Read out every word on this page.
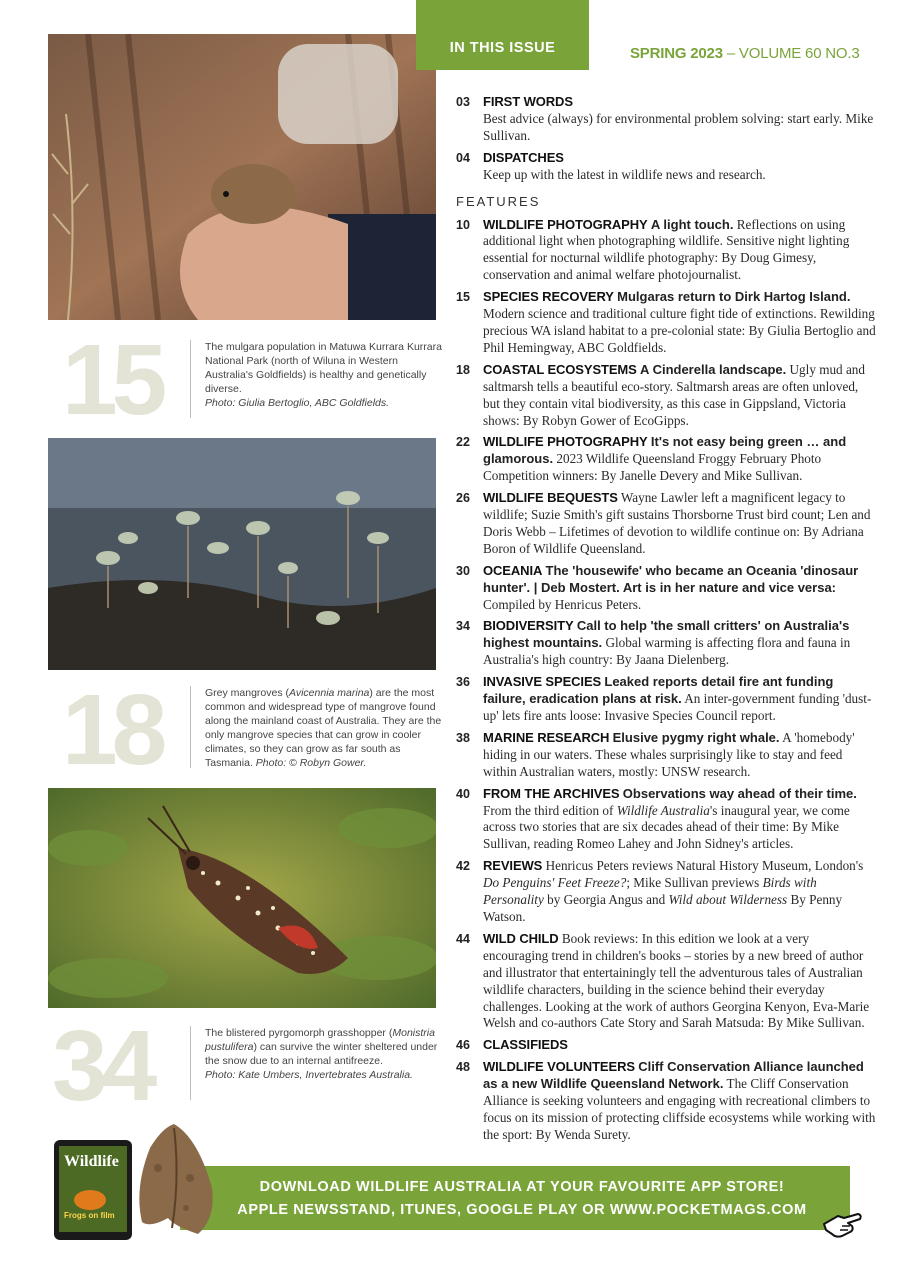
15	The mulgara population in Matuwa Kurrara Kurrara National Park (north of Wiluna in Western Australia's Goldfields) is healthy and genetically diverse.
Photo: Giulia Bertoglio, ABC Goldfields.
18	Grey mangroves (Avicennia marina) are the most common and widespread type of mangrove found along the mainland coast of Australia. They are the only mangrove species that can grow in cooler climates, so they can grow as far south as Tasmania. Photo: © Robyn Gower.
34	The blistered pyrgomorph grasshopper (Monistria pustulifera) can survive the winter sheltered under the snow due to an internal antifreeze.
Photo: Kate Umbers, Invertebrates Australia.
IN THIS ISSUE	SPRING 2023 – VOLUME 60 NO.3
03 FIRST WORDS
Best advice (always) for environmental problem solving: start early. Mike Sullivan.
04 DISPATCHES
Keep up with the latest in wildlife news and research.
FEATURES
10 WILDLIFE PHOTOGRAPHY A light touch. Reflections on using additional light when photographing wildlife. Sensitive night lighting essential for nocturnal wildlife photography: By Doug Gimesy, conservation and animal welfare photojournalist.
15 SPECIES RECOVERY Mulgaras return to Dirk Hartog Island. Modern science and traditional culture fight tide of extinctions. Rewilding precious WA island habitat to a pre-colonial state: By Giulia Bertoglio and Phil Hemingway, ABC Goldfields.
18 COASTAL ECOSYSTEMS A Cinderella landscape. Ugly mud and saltmarsh tells a beautiful eco-story. Saltmarsh areas are often unloved, but they contain vital biodiversity, as this case in Gippsland, Victoria shows: By Robyn Gower of EcoGipps.
22 WILDLIFE PHOTOGRAPHY It's not easy being green … and glamorous. 2023 Wildlife Queensland Froggy February Photo Competition winners: By Janelle Devery and Mike Sullivan.
26 WILDLIFE BEQUESTS Wayne Lawler left a magnificent legacy to wildlife; Suzie Smith's gift sustains Thorsborne Trust bird count; Len and Doris Webb – Lifetimes of devotion to wildlife continue on: By Adriana Boron of Wildlife Queensland.
30 OCEANIA The 'housewife' who became an Oceania 'dinosaur hunter'. | Deb Mostert. Art is in her nature and vice versa: Compiled by Henricus Peters.
34 BIODIVERSITY Call to help 'the small critters' on Australia's highest mountains. Global warming is affecting flora and fauna in Australia's high country: By Jaana Dielenberg.
36 INVASIVE SPECIES Leaked reports detail fire ant funding failure, eradication plans at risk. An inter-government funding 'dust-up' lets fire ants loose: Invasive Species Council report.
38 MARINE RESEARCH Elusive pygmy right whale. A 'homebody' hiding in our waters. These whales surprisingly like to stay and feed within Australian waters, mostly: UNSW research.
40 FROM THE ARCHIVES Observations way ahead of their time. From the third edition of Wildlife Australia's inaugural year, we come across two stories that are six decades ahead of their time: By Mike Sullivan, reading Romeo Lahey and John Sidney's articles.
42 REVIEWS Henricus Peters reviews Natural History Museum, London's Do Penguins' Feet Freeze?; Mike Sullivan previews Birds with Personality by Georgia Angus and Wild about Wilderness By Penny Watson.
44 WILD CHILD Book reviews: In this edition we look at a very encouraging trend in children's books – stories by a new breed of author and illustrator that entertainingly tell the adventurous tales of Australian wildlife characters, building in the science behind their everyday challenges. Looking at the work of authors Georgina Kenyon, Eva-Marie Welsh and co-authors Cate Story and Sarah Matsuda: By Mike Sullivan.
46 CLASSIFIEDS
48 WILDLIFE VOLUNTEERS Cliff Conservation Alliance launched as a new Wildlife Queensland Network. The Cliff Conservation Alliance is seeking volunteers and engaging with recreational climbers to focus on its mission of protecting cliffside ecosystems while working with the sport: By Wenda Surety.
DOWNLOAD WILDLIFE AUSTRALIA AT YOUR FAVOURITE APP STORE!
APPLE NEWSSTAND, ITUNES, GOOGLE PLAY OR WWW.POCKETMAGS.COM
Wildlife
Frogs on film
